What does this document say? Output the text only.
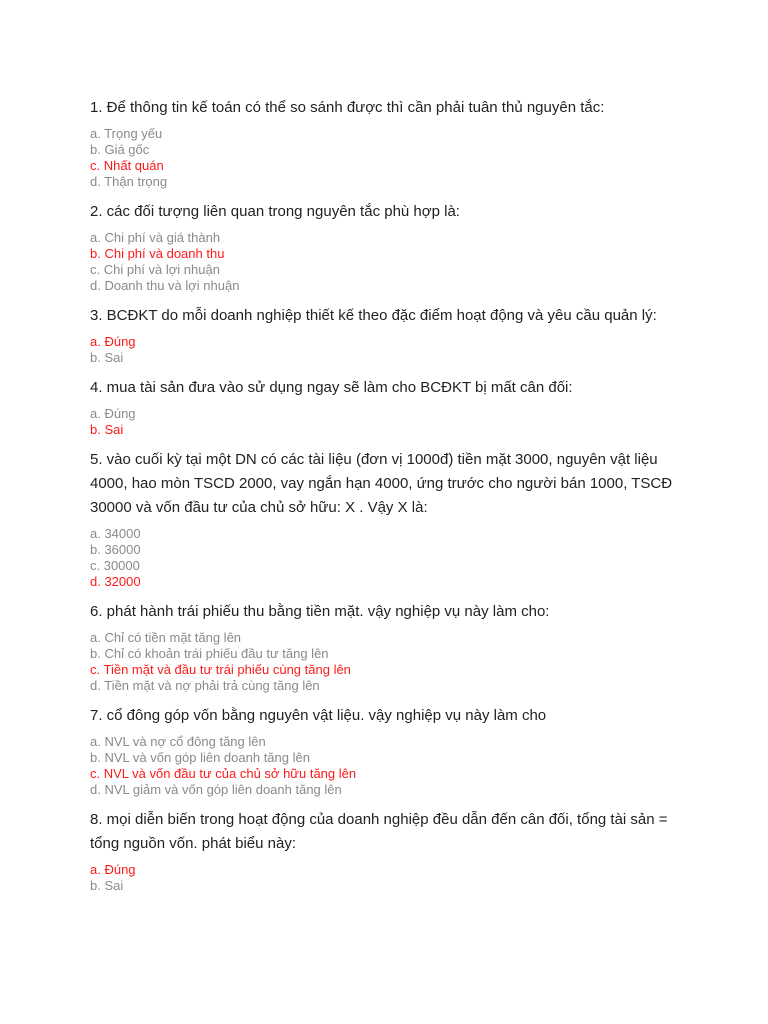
1. Để thông tin kế toán có thể so sánh được thì cần phải tuân thủ nguyên tắc:
a. Trọng yếu
b. Giá gốc
c. Nhất quán
d. Thận trọng
2. các đối tượng liên quan trong nguyên tắc phù hợp là:
a. Chi phí và giá thành
b. Chi phí và doanh thu
c. Chi phí và lợi nhuận
d. Doanh thu và lợi nhuận
3. BCĐKT do mỗi doanh nghiệp thiết kế theo đặc điểm hoạt động và yêu cầu quản lý:
a. Đúng
b. Sai
4. mua tài sản đưa vào sử dụng ngay sẽ làm cho BCĐKT bị mất cân đối:
a. Đúng
b. Sai
5. vào cuối kỳ tại một DN có các tài liệu (đơn vị 1000đ) tiền mặt 3000, nguyên vật liệu 4000, hao mòn TSCD 2000, vay ngắn hạn 4000, ứng trước cho người bán 1000, TSCĐ 30000 và vốn đầu tư của chủ sở hữu: X . Vậy X là:
a. 34000
b. 36000
c. 30000
d. 32000
6. phát hành trái phiếu thu bằng tiền mặt. vậy nghiệp vụ này làm cho:
a. Chỉ có tiền mặt tăng lên
b. Chỉ có khoản trái phiếu đầu tư tăng lên
c. Tiền mặt và đầu tư trái phiếu cùng tăng lên
d. Tiền mặt và nợ phải trả cùng tăng lên
7. cổ đông góp vốn bằng nguyên vật liệu. vậy nghiệp vụ này làm cho
a. NVL và nợ cổ đông tăng lên
b. NVL và vốn góp liên doanh tăng lên
c. NVL và vốn đầu tư của chủ sở hữu tăng lên
d. NVL giảm và vốn góp liên doanh tăng lên
8. mọi diễn biến trong hoạt động của doanh nghiệp đều dẫn đến cân đối, tổng tài sản = tổng nguồn vốn. phát biểu này:
a. Đúng
b. Sai
